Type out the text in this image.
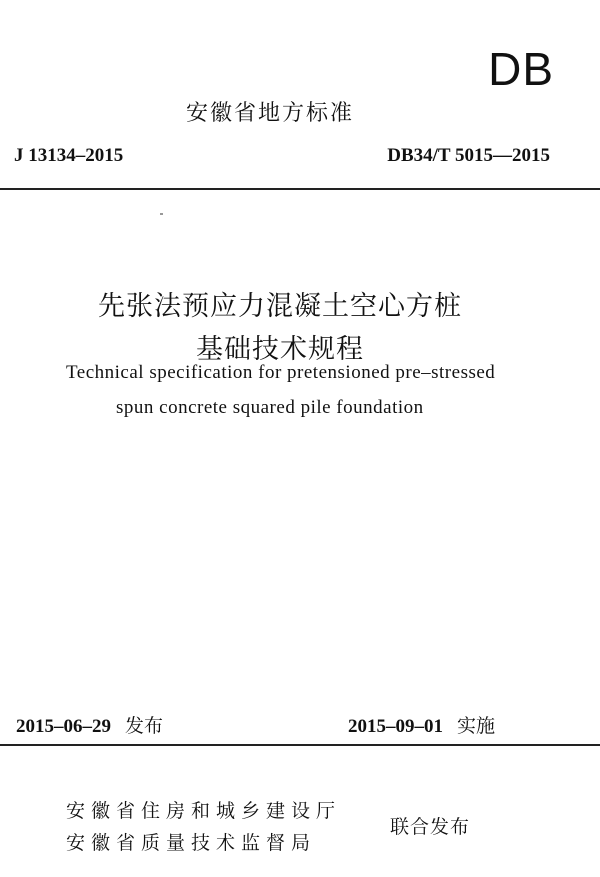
DB
安徽省地方标准
J 13134–2015	DB34/T 5015—2015
先张法预应力混凝土空心方桩
基础技术规程
Technical specification for pretensioned pre–stressed
spun concrete squared pile foundation
2015–06–29 发布	2015–09–01 实施
安徽省住房和城乡建设厅
安徽省质量技术监督局
联合发布
